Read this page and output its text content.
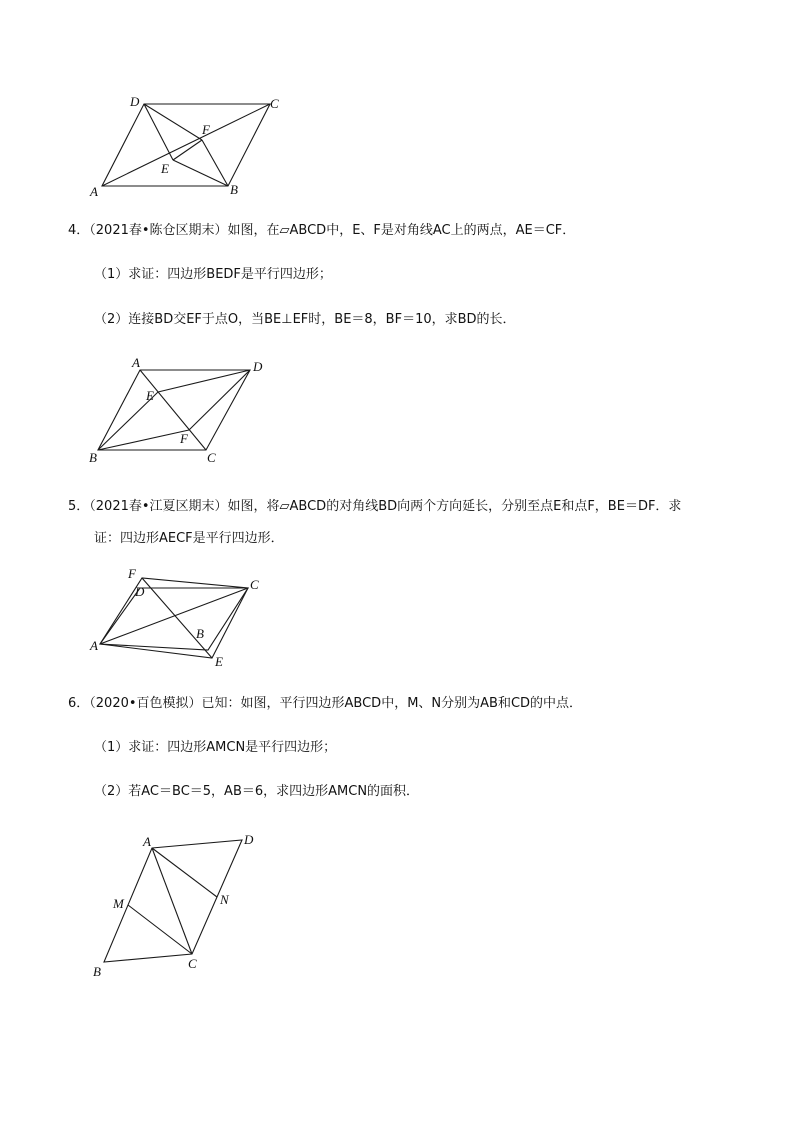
D	C
F
E
A	B
4．（2021春•陈仓区期末）如图，在▱ABCD中，E、F是对角线AC上的两点，AE＝CF．
（1）求证：四边形BEDF是平行四边形；
（2）连接BD交EF于点O，当BE⊥EF时，BE＝8，BF＝10，求BD的长．
A	D
E
F
B	C
5．（2021春•江夏区期末）如图，将▱ABCD的对角线BD向两个方向延长，分别至点E和点F，BE＝DF．求
证：四边形AECF是平行四边形．
F
D	C
B
A
E
6．（2020•百色模拟）已知：如图，平行四边形ABCD中，M、N分别为AB和CD的中点．
（1）求证：四边形AMCN是平行四边形；
（2）若AC＝BC＝5，AB＝6，求四边形AMCN的面积．
A	D
M	N
B
C
